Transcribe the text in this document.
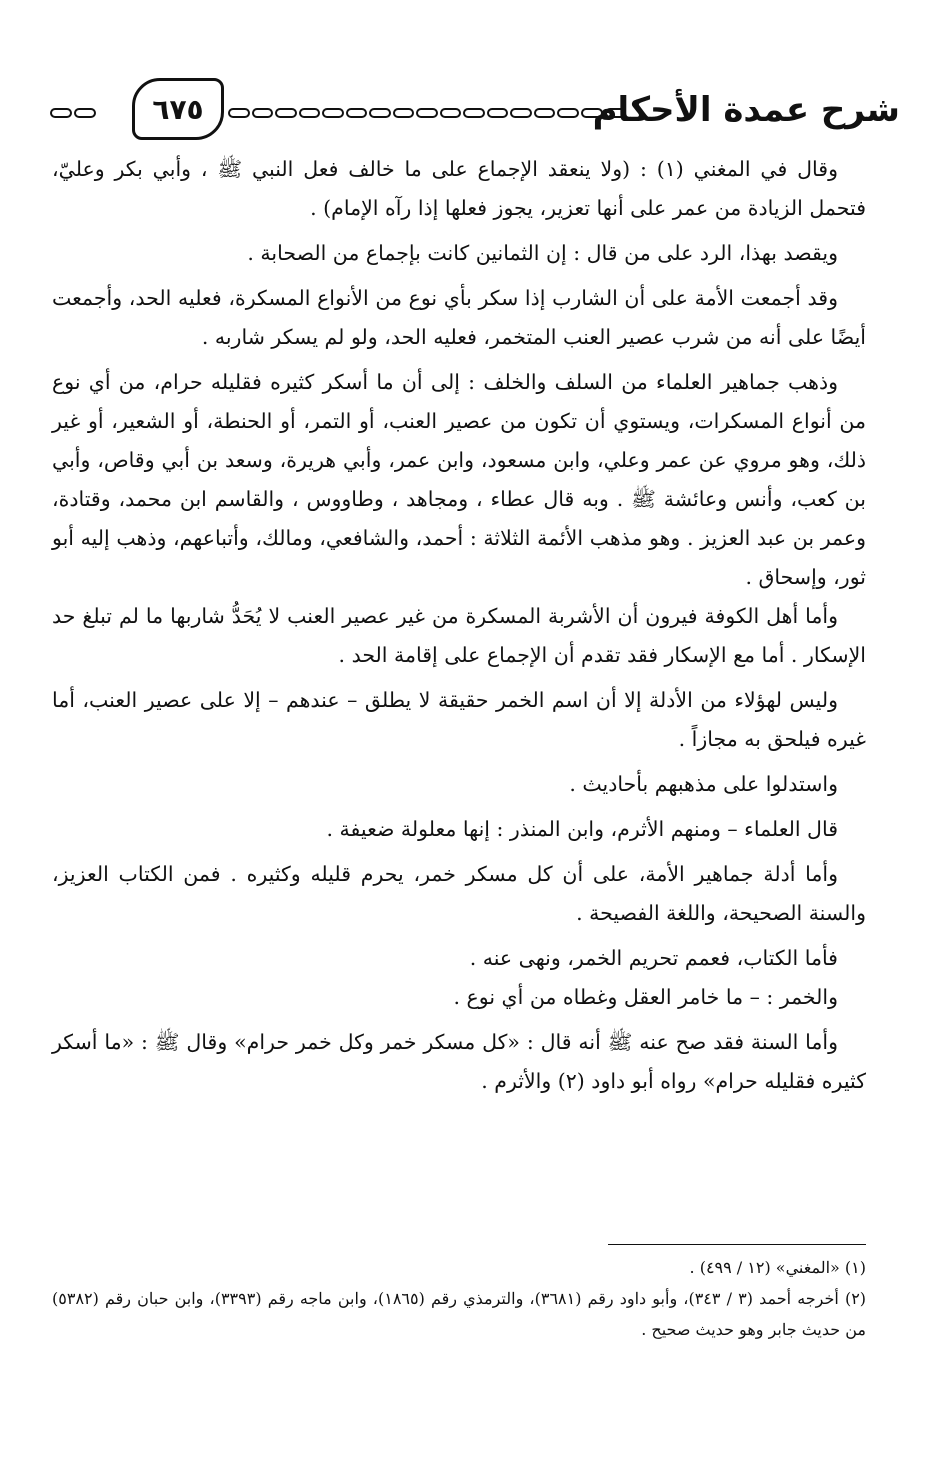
شرح عمدة الأحكام
٦٧٥

وقال في المغني (١) : (ولا ينعقد الإجماع على ما خالف فعل النبي ﷺ ، وأبي بكر وعليّ، فتحمل الزيادة من عمر على أنها تعزير، يجوز فعلها إذا رآه الإمام) .

ويقصد بهذا، الرد على من قال : إن الثمانين كانت بإجماع من الصحابة .

وقد أجمعت الأمة على أن الشارب إذا سكر بأي نوع من الأنواع المسكرة، فعليه الحد، وأجمعت أيضًا على أنه من شرب عصير العنب المتخمر، فعليه الحد، ولو لم يسكر شاربه .

وذهب جماهير العلماء من السلف والخلف : إلى أن ما أسكر كثيره فقليله حرام، من أي نوع من أنواع المسكرات، ويستوي أن تكون من عصير العنب، أو التمر، أو الحنطة، أو الشعير، أو غير ذلك، وهو مروي عن عمر وعلي، وابن مسعود، وابن عمر، وأبي هريرة، وسعد بن أبي وقاص، وأبي بن كعب، وأنس وعائشة ﷺ . وبه قال عطاء ، ومجاهد ، وطاووس ، والقاسم ابن محمد، وقتادة، وعمر بن عبد العزيز . وهو مذهب الأئمة الثلاثة : أحمد، والشافعي، ومالك، وأتباعهم، وذهب إليه أبو ثور، وإسحاق .

وأما أهل الكوفة فيرون أن الأشربة المسكرة من غير عصير العنب لا يُحَدُّ شاربها ما لم تبلغ حد الإسكار . أما مع الإسكار فقد تقدم أن الإجماع على إقامة الحد .

وليس لهؤلاء من الأدلة إلا أن اسم الخمر حقيقة لا يطلق – عندهم – إلا على عصير العنب، أما غيره فيلحق به مجازاً .

واستدلوا على مذهبهم بأحاديث .

قال العلماء – ومنهم الأثرم، وابن المنذر : إنها معلولة ضعيفة .

وأما أدلة جماهير الأمة، على أن كل مسكر خمر، يحرم قليله وكثيره . فمن الكتاب العزيز، والسنة الصحيحة، واللغة الفصيحة .

فأما الكتاب، فعمم تحريم الخمر، ونهى عنه .

والخمر : – ما خامر العقل وغطاه من أي نوع .

وأما السنة فقد صح عنه ﷺ أنه قال : «كل مسكر خمر وكل خمر حرام» وقال ﷺ : «ما أسكر كثيره فقليله حرام» رواه أبو داود (٢) والأثرم .

(١) «المغني» (١٢ / ٤٩٩) .

(٢) أخرجه أحمد (٣ / ٣٤٣)، وأبو داود رقم (٣٦٨١)، والترمذي رقم (١٨٦٥)، وابن ماجه رقم (٣٣٩٣)، وابن حبان رقم (٥٣٨٢) من حديث جابر وهو حديث صحيح .
